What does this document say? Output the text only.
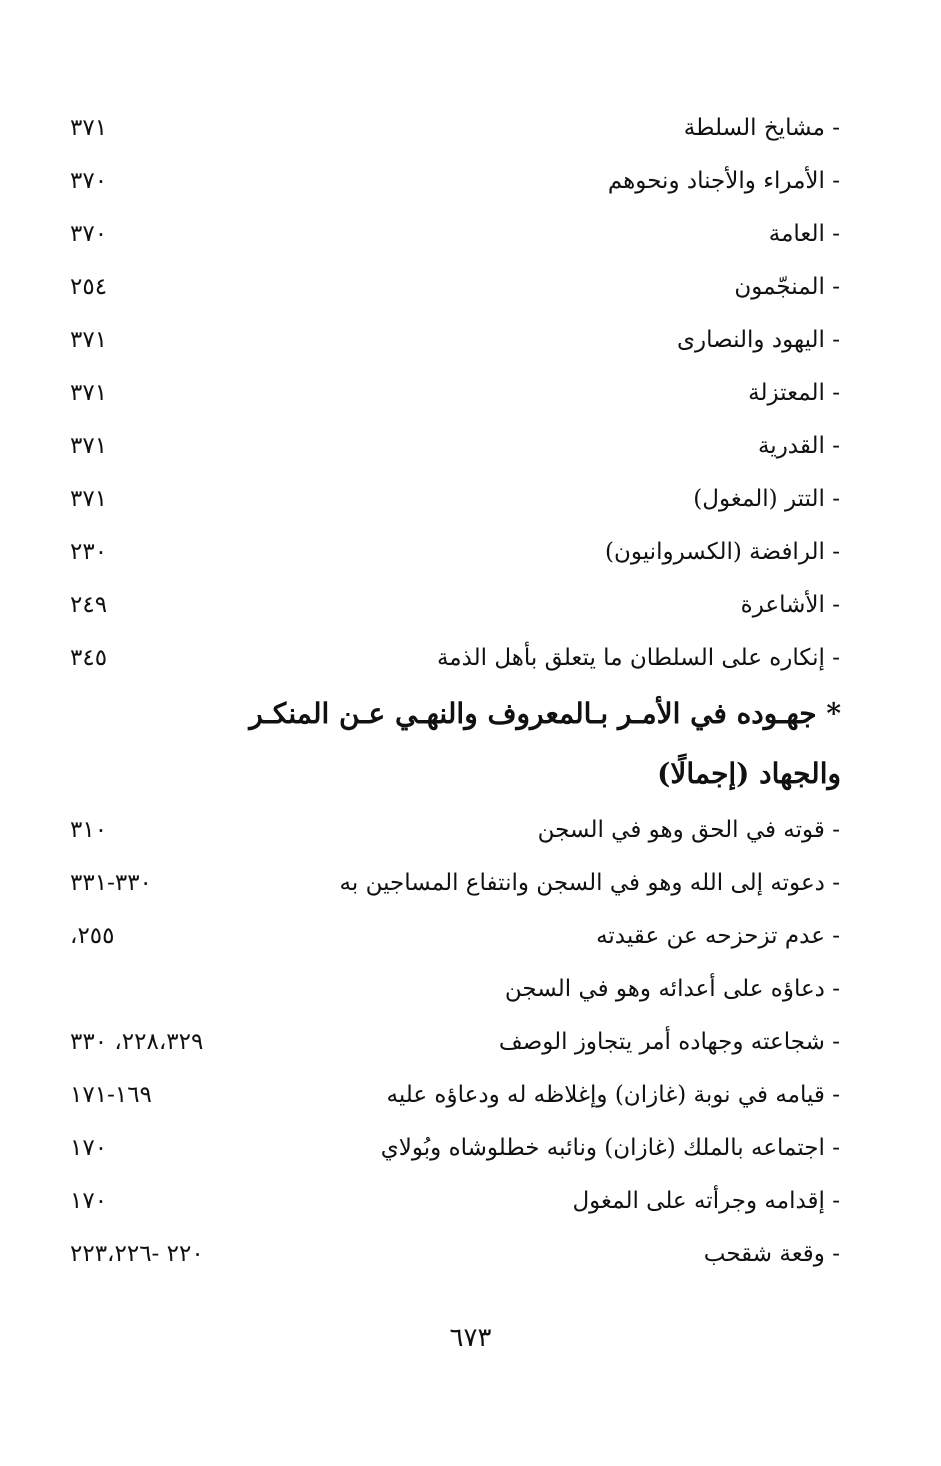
- مشايخ السلطة
٣٧١
- الأمراء والأجناد ونحوهم
٣٧٠
- العامة
٣٧٠
- المنجّمون
٢٥٤
- اليهود والنصارى
٣٧١
- المعتزلة
٣٧١
- القدرية
٣٧١
- التتر (المغول)
٣٧١
- الرافضة (الكسروانيون)
٢٣٠
- الأشاعرة
٢٤٩
- إنكاره على السلطان ما يتعلق بأهل الذمة
٣٤٥
* جهـوده في الأمـر بـالمعروف والنهـي عـن المنكـر
والجهاد (إجمالًا)
- قوته في الحق وهو في السجن
٣١٠
- دعوته إلى الله وهو في السجن وانتفاع المساجين به
٣٣٠-٣٣١
- عدم تزحزحه عن عقيدته
٢٥٥،
- دعاؤه على أعدائه وهو في السجن
- شجاعته وجهاده أمر يتجاوز الوصف
٢٢٨،٣٢٩، ٣٣٠
- قيامه في نوبة (غازان) وإغلاظه له ودعاؤه عليه
١٦٩-١٧١
- اجتماعه بالملك (غازان) ونائبه خطلوشاه وبُولاي
١٧٠
- إقدامه وجرأته على المغول
١٧٠
- وقعة شقحب
٢٢٠ -٢٢٣،٢٢٦
٦٧٣
